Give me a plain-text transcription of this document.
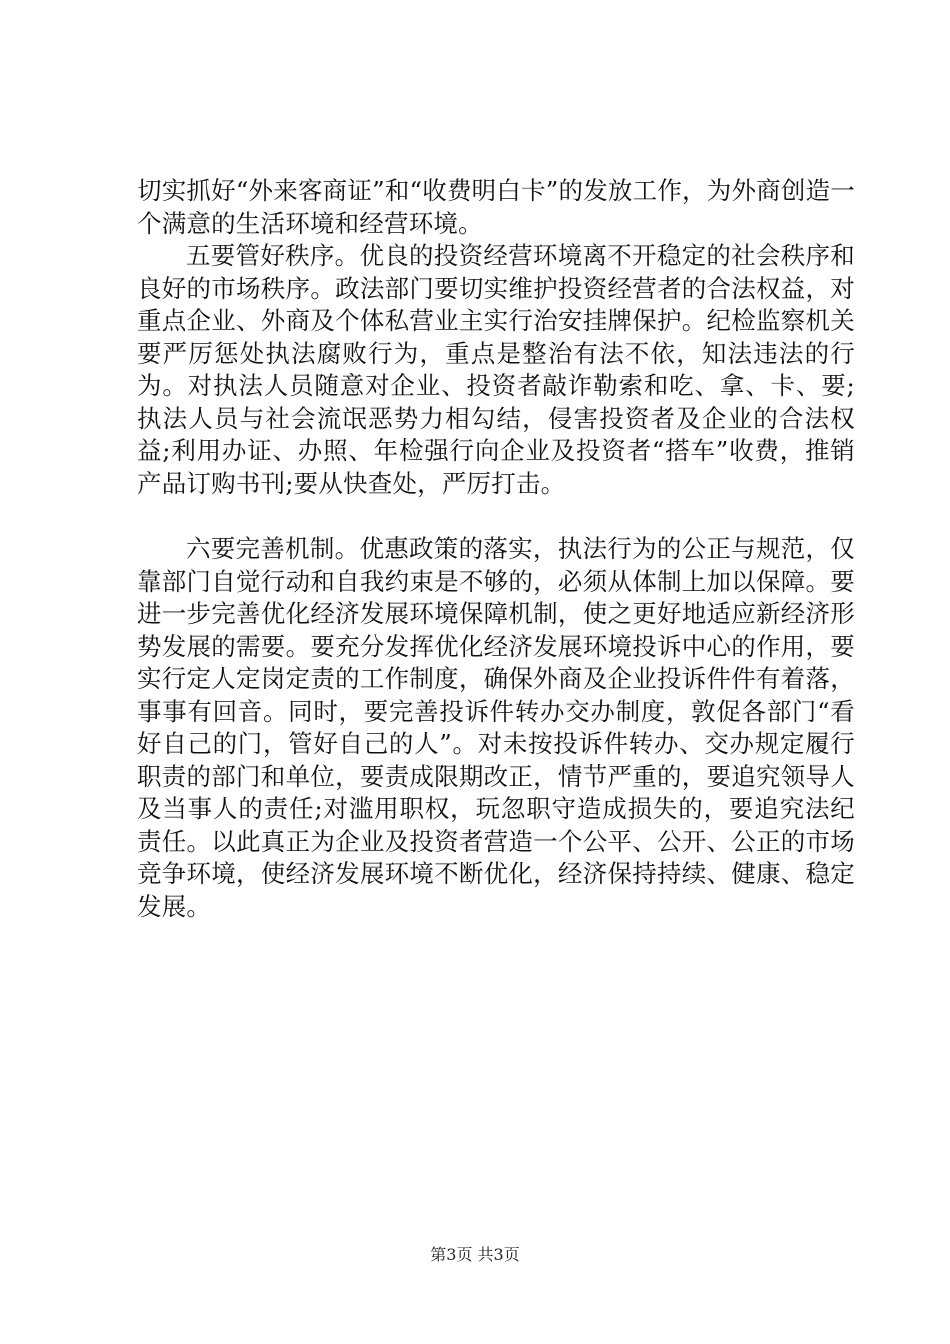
切实抓好“外来客商证”和“收费明白卡”的发放工作，为外商创造一个满意的生活环境和经营环境。

五要管好秩序。优良的投资经营环境离不开稳定的社会秩序和良好的市场秩序。政法部门要切实维护投资经营者的合法权益，对重点企业、外商及个体私营业主实行治安挂牌保护。纪检监察机关要严厉惩处执法腐败行为，重点是整治有法不依，知法违法的行为。对执法人员随意对企业、投资者敲诈勒索和吃、拿、卡、要;执法人员与社会流氓恶势力相勾结，侵害投资者及企业的合法权益;利用办证、办照、年检强行向企业及投资者“搭车”收费，推销产品订购书刊;要从快查处，严厉打击。

六要完善机制。优惠政策的落实，执法行为的公正与规范，仅靠部门自觉行动和自我约束是不够的，必须从体制上加以保障。要进一步完善优化经济发展环境保障机制，使之更好地适应新经济形势发展的需要。要充分发挥优化经济发展环境投诉中心的作用，要实行定人定岗定责的工作制度，确保外商及企业投诉件件有着落，事事有回音。同时，要完善投诉件转办交办制度，敦促各部门“看好自己的门，管好自己的人”。对未按投诉件转办、交办规定履行职责的部门和单位，要责成限期改正，情节严重的，要追究领导人及当事人的责任;对滥用职权，玩忽职守造成损失的，要追究法纪责任。以此真正为企业及投资者营造一个公平、公开、公正的市场竞争环境，使经济发展环境不断优化，经济保持持续、健康、稳定发展。

第3页 共3页
